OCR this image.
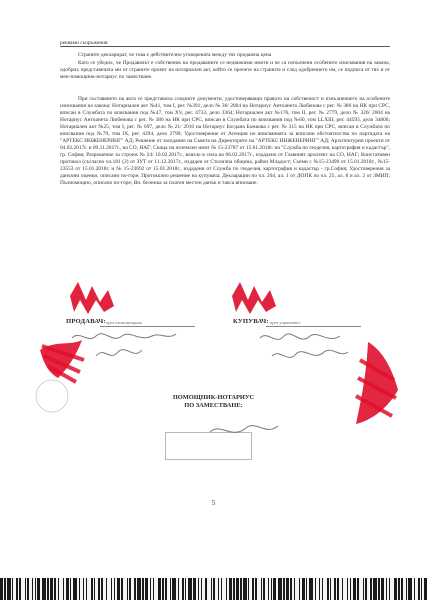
реквами сьоръжения
Страните декларират, че това е действително уговорената между тях продажна цена
Като се убедих, че Продавачът е собственик на продаваните се недвижими имоти и че са изпълнени особените изисквания на закона, одобрих представената ми от страните проект на нотариален акт, който се прочете на страните и след одобрението им, се подписа от тях и от мен-помощник-нотариус по заместване.
При съставянето на акта се представиха следните документи, удостоверяващи правото на собственост и изпълнението на особените изисквания на закона: Нотариален акт №41, том I, рег. №391, дело № 36/ 2004 на Нотариус Антоанета Любенова с рег. № 386 на НК при СРС, вписан в Службата по вписвания под №47, том XV, рег. 4733, дело 3364; Нотариален акт №176, том II, рег. № 2779, дело № 326/ 2004 на Нотариус Антоанета Любенова с рег. № 386 на НК при СРС, вписан в Службата по вписвания под №60, том LLXIII, рег. 44593, дело 34806; Нотариален акт №25, том I, рег. № 697, дело № 21/ 2016 на Нотариус Богдана Божкова с рег. № 315 на НК при СРС, вписан в Службата по вписвания под №79, том IX, рег. 4294, дело 2790; Удостоверение от Агенция по вписванията за вписани обстоятелства по партидата на "АРТЕКС ИНЖЕНЕРИНГ" АД; Решение от заседание на Съвета на Директорите на "АРТЕКС ИНЖЕНЕРИНГ" АД; Архитектурни проекти от 04.02.2017г. и 09.11.2017г., на СО, НАГ; Скица на поземлен имот № 15-23787 от 15.01.2018г. на "Служба по геодезия, картография и кадастър", гр. София; Разрешение за строеж № 24/ 10.02.2017г., влязло в сила на 06.03.2017г., издадено от Главният архитект на СО, НАГ; Констативен протокол (съгласно чл.181 (2) от ЗУТ от 11.12.2017г., издаден от Столична община, район Младост; Схеми с №15-23490 от 15.01.2018г., №15-23553 от 15.01.2018г. и № 15-23692 от 15.01.2018г., издадени от Служба по геодезия, картография и кадастър - гр.София; Удостоверения за данъчни оценки, описани по-горе; Протоколно решение на купувача; Декларации по чл. 264, ал. 1 от ДОПК по чл. 25, ал. 8 и ал. 2 от ЗМИП; Пълномощно, описано по-горе; Вн. бележка за платен местен данък и такса вписване.
ПРОДАВАЧ: чрез пълномощник	КУПУВАЧ: чрез управител
ПОМОЩНИК-НОТАРИУС
ПО ЗАМЕСТВАНЕ:
5
